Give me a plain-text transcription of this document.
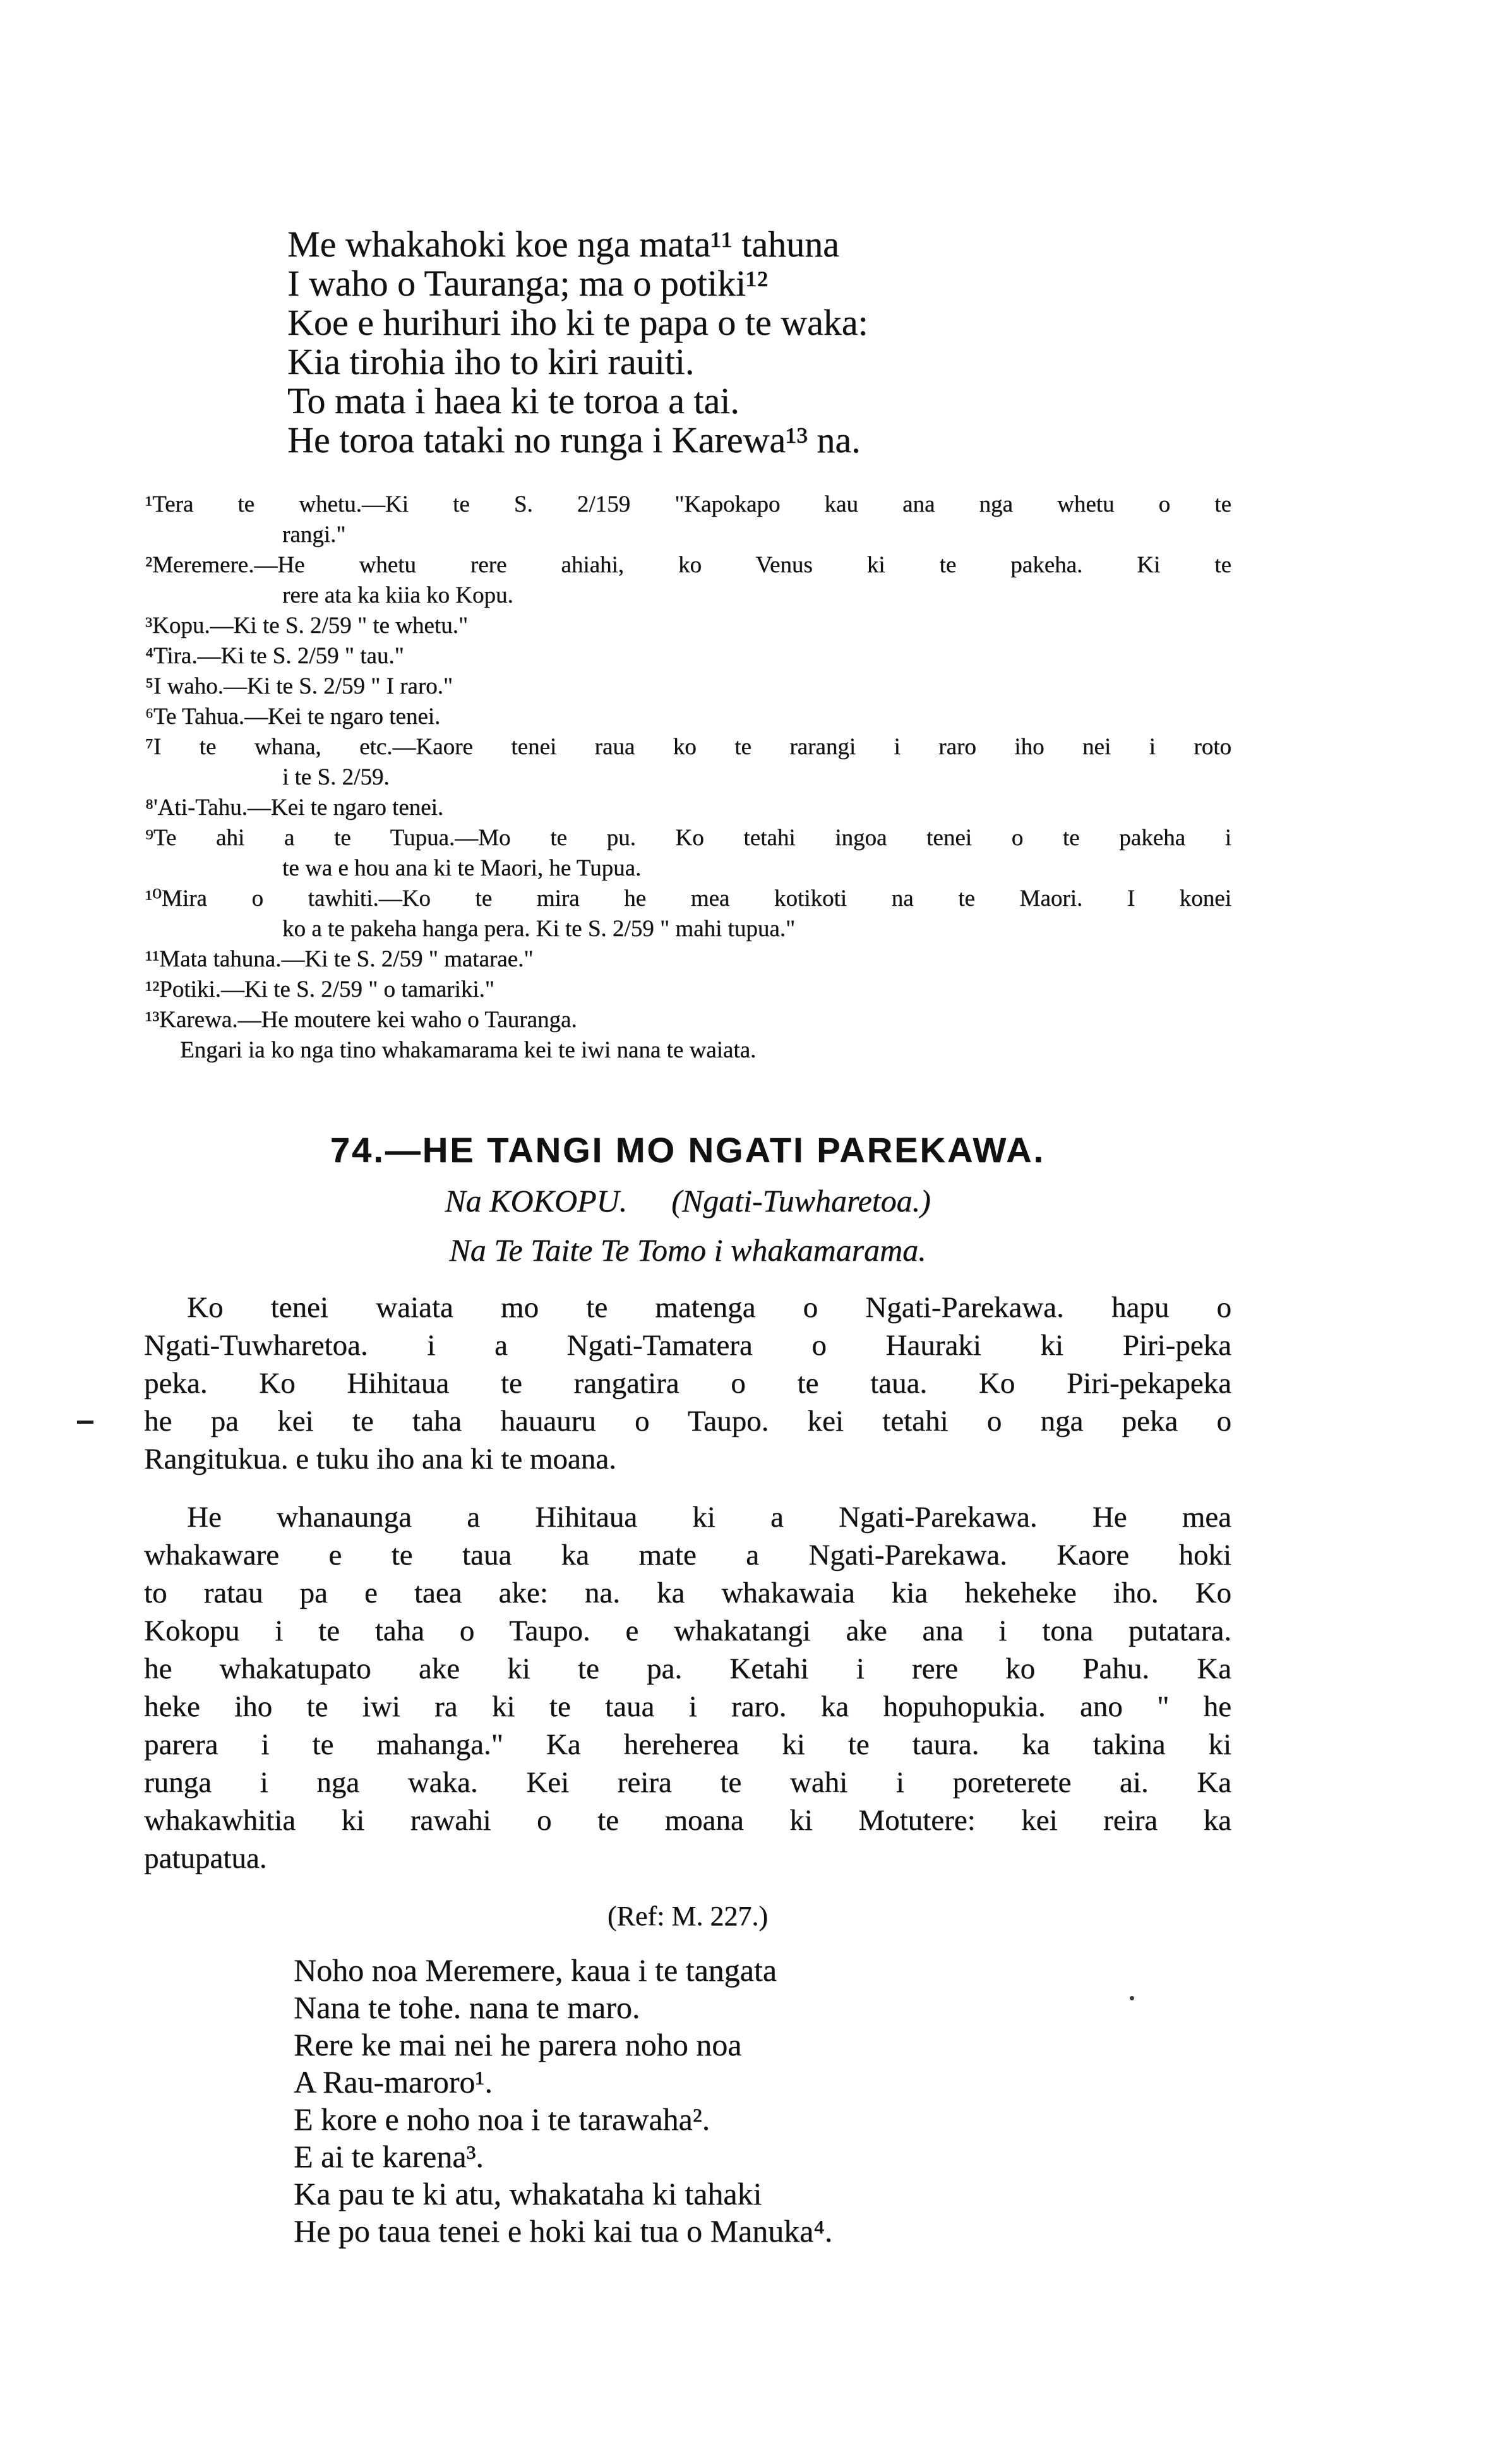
Me whakahoki koe nga mata¹¹ tahuna
I waho o Tauranga; ma o potiki¹²
Koe e hurihuri iho ki te papa o te waka:
Kia tirohia iho to kiri rauiti.
To mata i haea ki te toroa a tai.
He toroa tataki no runga i Karewa¹³ na.
¹Tera te whetu.—Ki te S. 2/159 "Kapokapo kau ana nga whetu o te
rangi."
²Meremere.—He whetu rere ahiahi, ko Venus ki te pakeha. Ki te
rere ata ka kiia ko Kopu.
³Kopu.—Ki te S. 2/59 " te whetu."
⁴Tira.—Ki te S. 2/59 " tau."
⁵I waho.—Ki te S. 2/59 " I raro."
⁶Te Tahua.—Kei te ngaro tenei.
⁷I te whana, etc.—Kaore tenei raua ko te rarangi i raro iho nei i roto
i te S. 2/59.
⁸'Ati-Tahu.—Kei te ngaro tenei.
⁹Te ahi a te Tupua.—Mo te pu. Ko tetahi ingoa tenei o te pakeha i
te wa e hou ana ki te Maori, he Tupua.
¹⁰Mira o tawhiti.—Ko te mira he mea kotikoti na te Maori. I konei
ko a te pakeha hanga pera. Ki te S. 2/59 " mahi tupua."
¹¹Mata tahuna.—Ki te S. 2/59 " matarae."
¹²Potiki.—Ki te S. 2/59 " o tamariki."
¹³Karewa.—He moutere kei waho o Tauranga.
Engari ia ko nga tino whakamarama kei te iwi nana te waiata.
74.—HE TANGI MO NGATI PAREKAWA.
Na KOKOPU. (Ngati-Tuwharetoa.)
Na Te Taite Te Tomo i whakamarama.
Ko tenei waiata mo te matenga o Ngati-Parekawa. hapu o
Ngati-Tuwharetoa. i a Ngati-Tamatera o Hauraki ki Piri-peka
peka. Ko Hihitaua te rangatira o te taua. Ko Piri-pekapeka
he pa kei te taha hauauru o Taupo. kei tetahi o nga peka o
Rangitukua. e tuku iho ana ki te moana.
He whanaunga a Hihitaua ki a Ngati-Parekawa. He mea
whakaware e te taua ka mate a Ngati-Parekawa. Kaore hoki
to ratau pa e taea ake: na. ka whakawaia kia hekeheke iho. Ko
Kokopu i te taha o Taupo. e whakatangi ake ana i tona putatara.
he whakatupato ake ki te pa. Ketahi i rere ko Pahu. Ka
heke iho te iwi ra ki te taua i raro. ka hopuhopukia. ano " he
parera i te mahanga." Ka hereherea ki te taura. ka takina ki
runga i nga waka. Kei reira te wahi i poreterete ai. Ka
whakawhitia ki rawahi o te moana ki Motutere: kei reira ka
patupatua.
(Ref: M. 227.)
Noho noa Meremere, kaua i te tangata
Nana te tohe. nana te maro.
Rere ke mai nei he parera noho noa
A Rau-maroro¹.
E kore e noho noa i te tarawaha².
E ai te karena³.
Ka pau te ki atu, whakataha ki tahaki
He po taua tenei e hoki kai tua o Manuka⁴.
